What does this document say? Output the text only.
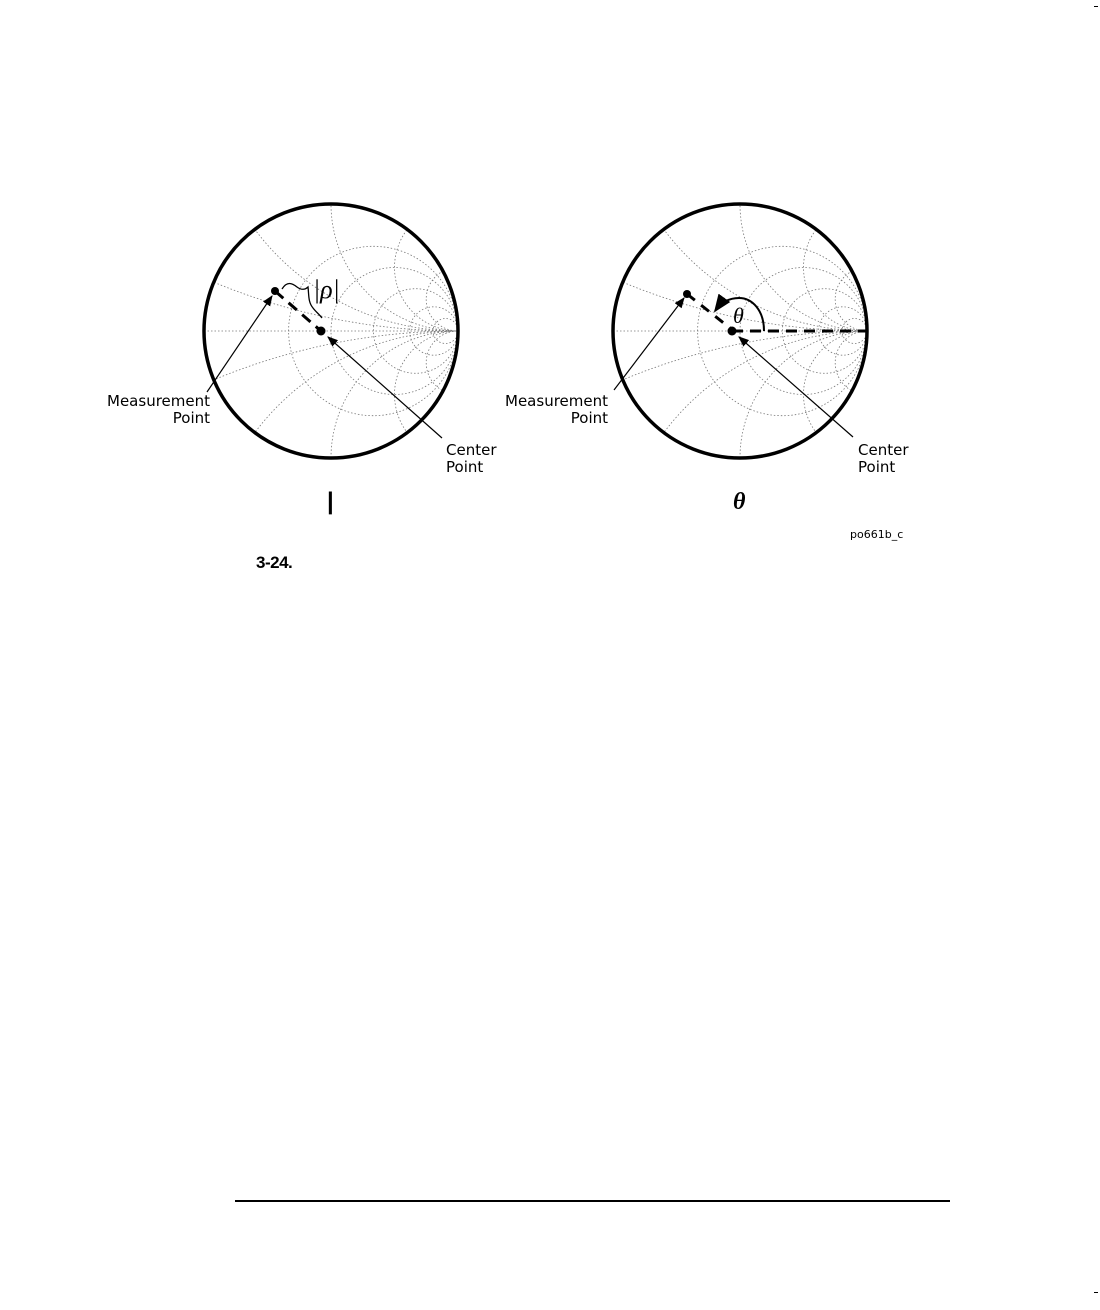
|ρ|
θ
Measurement
Point
Center
Point
Measurement
Point
Center
Point
|	θ
po661b_c
3-24.
